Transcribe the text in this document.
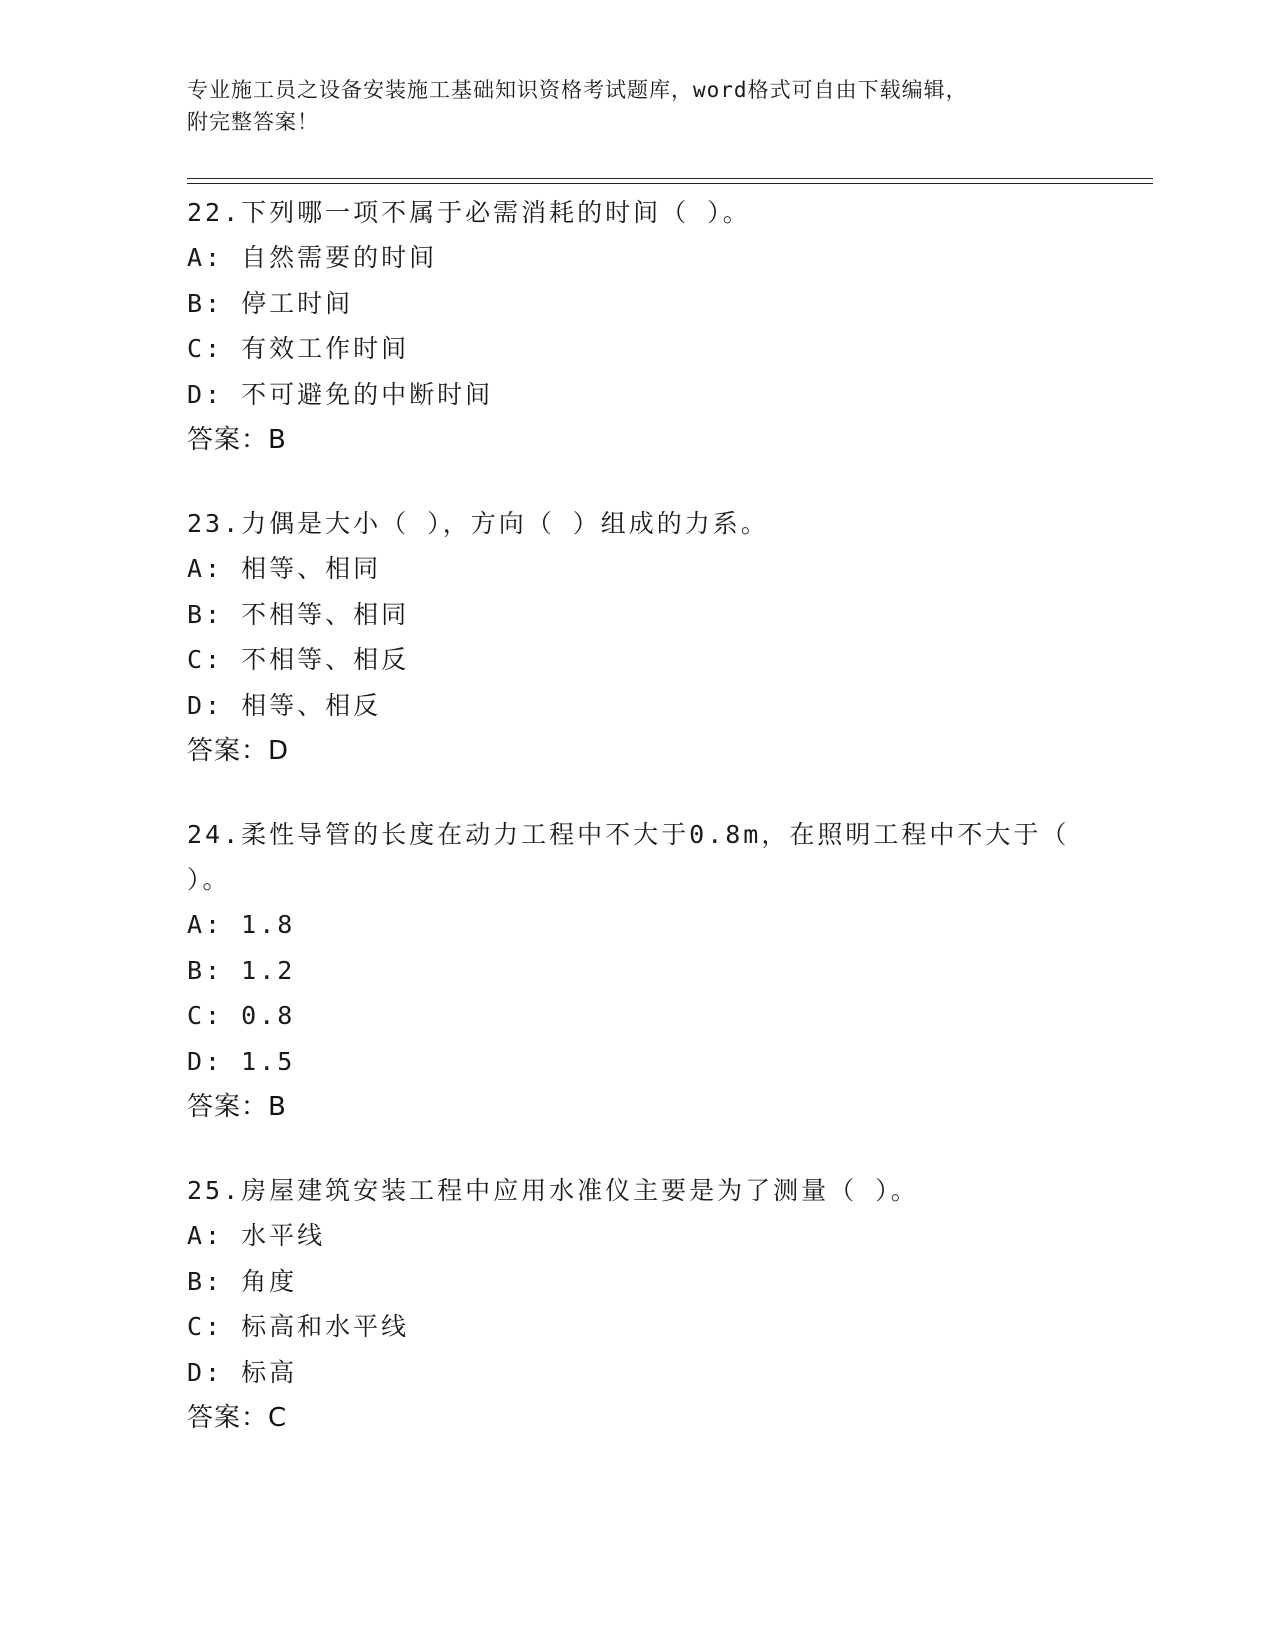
专业施工员之设备安装施工基础知识资格考试题库，word格式可自由下载编辑，
附完整答案！

22.下列哪一项不属于必需消耗的时间（ ）。

A: 自然需要的时间

B: 停工时间

C: 有效工作时间

D: 不可避免的中断时间

答案：B

23.力偶是大小（ ），方向（ ）组成的力系。

A: 相等、相同

B: 不相等、相同

C: 不相等、相反

D: 相等、相反

答案：D

24.柔性导管的长度在动力工程中不大于0.8m，在照明工程中不大于（ ）。

A: 1.8

B: 1.2

C: 0.8

D: 1.5

答案：B

25.房屋建筑安装工程中应用水准仪主要是为了测量（ ）。

A: 水平线

B: 角度

C: 标高和水平线

D: 标高

答案：C
